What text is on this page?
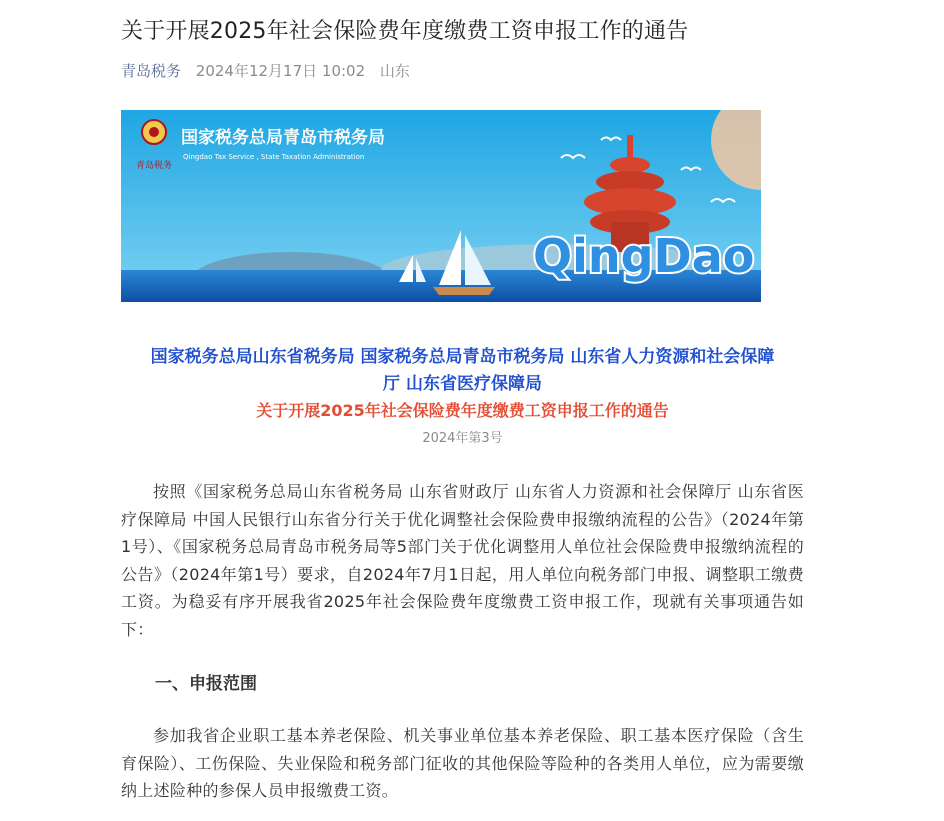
关于开展2025年社会保险费年度缴费工资申报工作的通告
青岛税务 2024年12月17日 10:02 山东
青岛税务
国家税务总局青岛市税务局
Qingdao Tax Service , State Taxation Administration
QingDao

国家税务总局山东省税务局 国家税务总局青岛市税务局 山东省人力资源和社会保障

厅 山东省医疗保障局

关于开展2025年社会保险费年度缴费工资申报工作的通告

2024年第3号

按照《国家税务总局山东省税务局 山东省财政厅 山东省人力资源和社会保障厅 山东省医疗保障局 中国人民银行山东省分行关于优化调整社会保险费申报缴纳流程的公告》（2024年第1号）、《国家税务总局青岛市税务局等5部门关于优化调整用人单位社会保险费申报缴纳流程的公告》（2024年第1号）要求，自2024年7月1日起，用人单位向税务部门申报、调整职工缴费工资。为稳妥有序开展我省2025年社会保险费年度缴费工资申报工作，现就有关事项通告如下：

一、申报范围

参加我省企业职工基本养老保险、机关事业单位基本养老保险、职工基本医疗保险（含生育保险）、工伤保险、失业保险和税务部门征收的其他保险等险种的各类用人单位，应为需要缴纳上述险种的参保人员申报缴费工资。
